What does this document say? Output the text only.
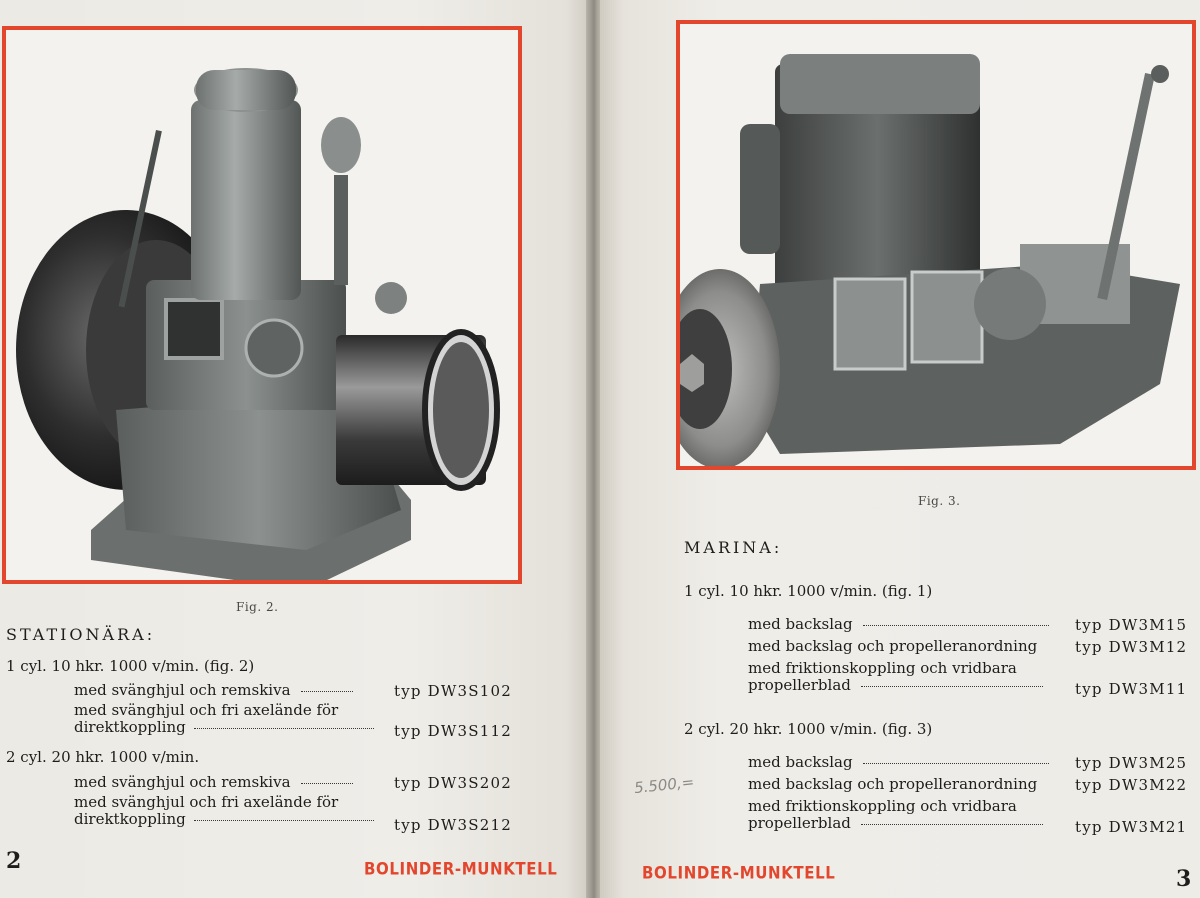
Fig. 2.
STATIONÄRA:
1 cyl. 10 hkr. 1000 v/min. (fig. 2)
med svänghjul och remskiva	typ DW3S102
med svänghjul och fri axelände för
direktkoppling	typ DW3S112
2 cyl. 20 hkr. 1000 v/min.
med svänghjul och remskiva	typ DW3S202
med svänghjul och fri axelände för
direktkoppling	typ DW3S212
2	BOLINDER-MUNKTELL
Fig. 3.
MARINA:
1 cyl. 10 hkr. 1000 v/min. (fig. 1)
med backslag	typ DW3M15
med backslag och propelleranordning	typ DW3M12
med friktionskoppling och vridbara
propellerblad	typ DW3M11
2 cyl. 20 hkr. 1000 v/min. (fig. 3)
med backslag	typ DW3M25
5.500,=	med backslag och propelleranordning	typ DW3M22
med friktionskoppling och vridbara
propellerblad	typ DW3M21
BOLINDER-MUNKTELL	3
